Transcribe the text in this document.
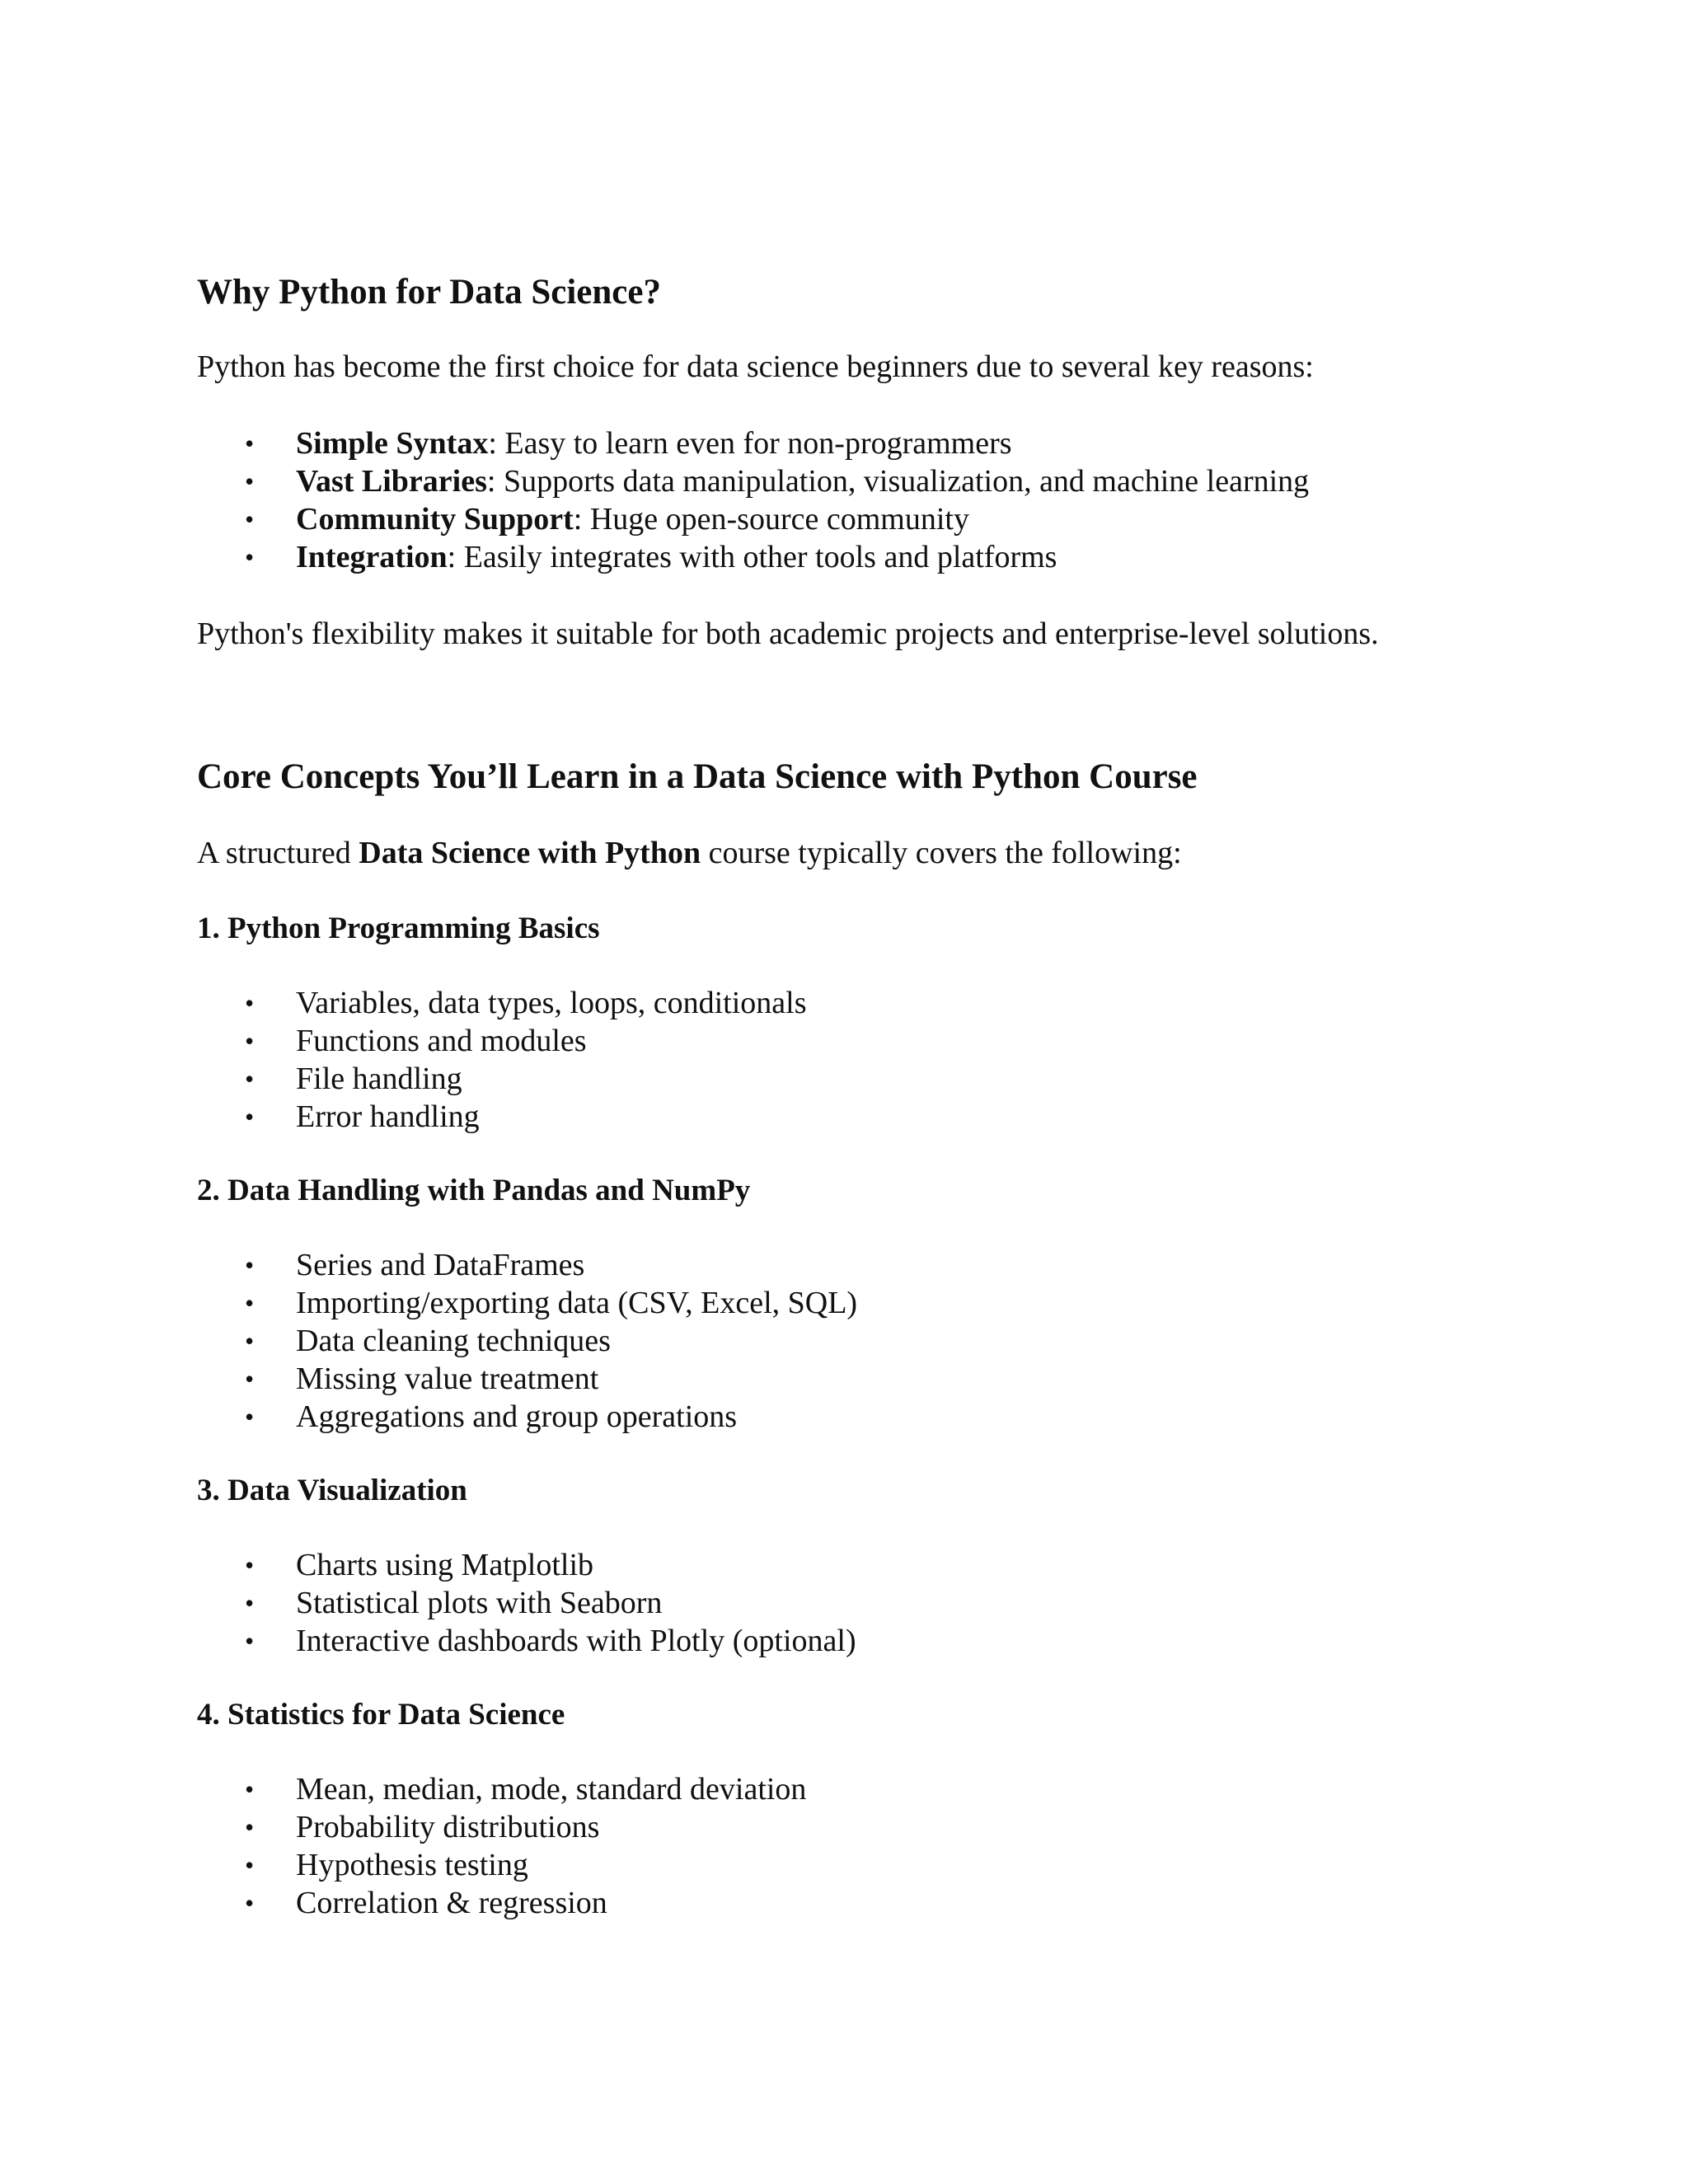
Why Python for Data Science?

Python has become the first choice for data science beginners due to several key reasons:

• Simple Syntax: Easy to learn even for non-programmers
• Vast Libraries: Supports data manipulation, visualization, and machine learning
• Community Support: Huge open-source community
• Integration: Easily integrates with other tools and platforms

Python's flexibility makes it suitable for both academic projects and enterprise-level solutions.

Core Concepts You’ll Learn in a Data Science with Python Course

A structured Data Science with Python course typically covers the following:

1. Python Programming Basics
• Variables, data types, loops, conditionals
• Functions and modules
• File handling
• Error handling
2. Data Handling with Pandas and NumPy
• Series and DataFrames
• Importing/exporting data (CSV, Excel, SQL)
• Data cleaning techniques
• Missing value treatment
• Aggregations and group operations
3. Data Visualization
• Charts using Matplotlib
• Statistical plots with Seaborn
• Interactive dashboards with Plotly (optional)
4. Statistics for Data Science
• Mean, median, mode, standard deviation
• Probability distributions
• Hypothesis testing
• Correlation & regression
